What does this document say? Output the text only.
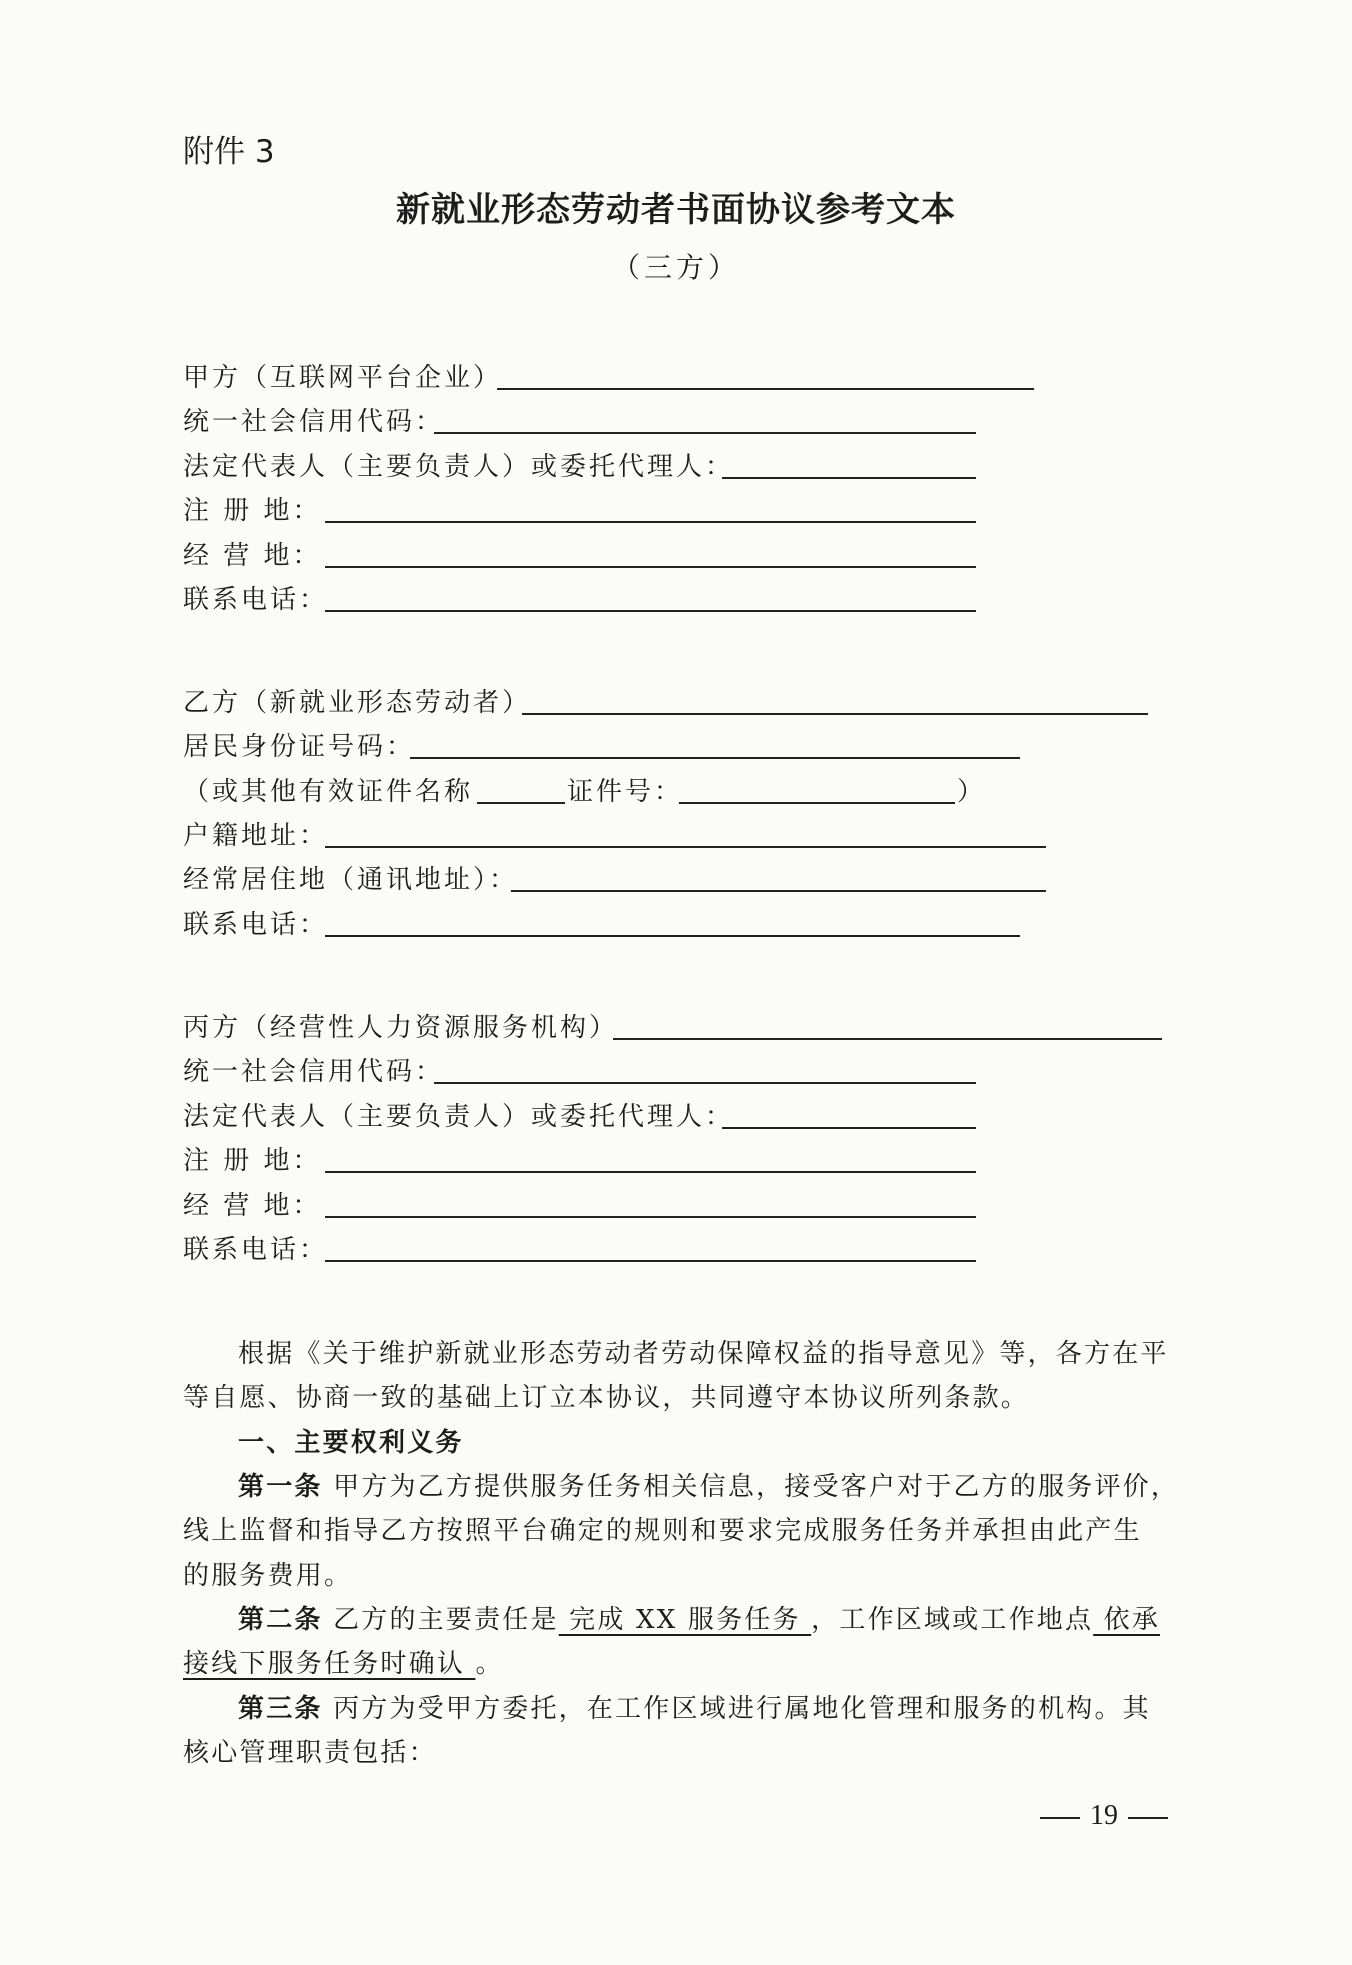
附件 3
新就业形态劳动者书面协议参考文本
（三方）
甲方（互联网平台企业）
统一社会信用代码：
法定代表人（主要负责人）或委托代理人：
注 册 地：
经 营 地：
联系电话：
乙方（新就业形态劳动者）
居民身份证号码：
（或其他有效证件名称	证件号：	）
户籍地址：
经常居住地（通讯地址）：
联系电话：
丙方（经营性人力资源服务机构）
统一社会信用代码：
法定代表人（主要负责人）或委托代理人：
注 册 地：
经 营 地：
联系电话：
根据《关于维护新就业形态劳动者劳动保障权益的指导意见》等，各方在平
等自愿、协商一致的基础上订立本协议，共同遵守本协议所列条款。
一、主要权利义务
第一条 甲方为乙方提供服务任务相关信息，接受客户对于乙方的服务评价，
线上监督和指导乙方按照平台确定的规则和要求完成服务任务并承担由此产生
的服务费用。
第二条 乙方的主要责任是 完成 XX 服务任务 ，工作区域或工作地点 依承
接线下服务任务时确认 。
第三条 丙方为受甲方委托，在工作区域进行属地化管理和服务的机构。其
核心管理职责包括：
19
